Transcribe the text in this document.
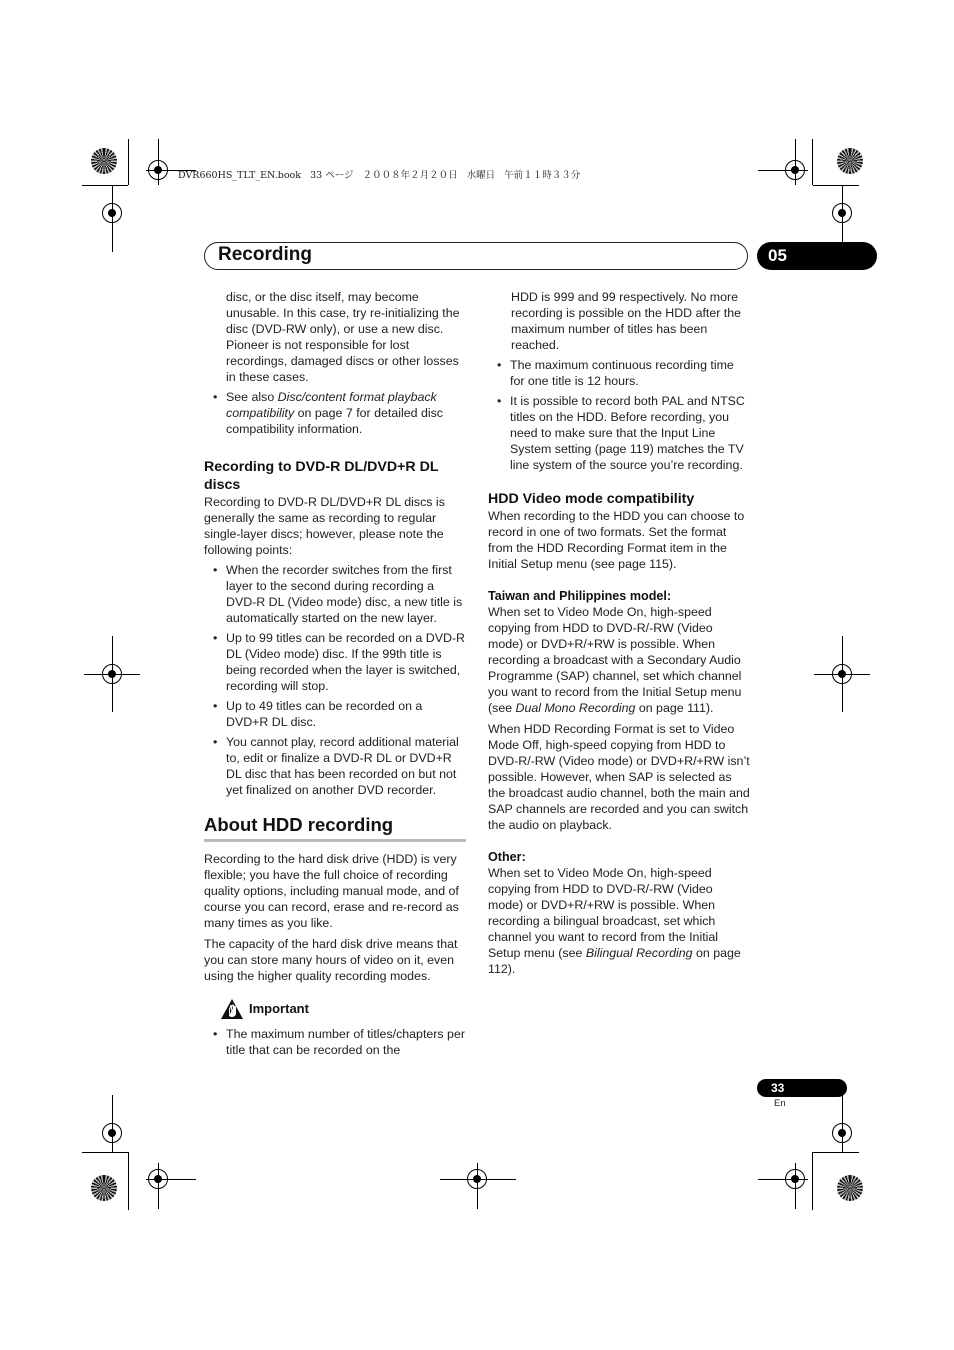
DVR660HS_TLT_EN.book   33 ページ   ２００８年２月２０日   水曜日   午前１１時３３分
Recording	05

disc, or the disc itself, may become unusable. In this case, try re-initializing the disc (DVD-RW only), or use a new disc. Pioneer is not responsible for lost recordings, damaged discs or other losses in these cases.

• See also Disc/content format playback compatibility on page 7 for detailed disc compatibility information.
Recording to DVD-R DL/DVD+R DL discs

Recording to DVD-R DL/DVD+R DL discs is generally the same as recording to regular single-layer discs; however, please note the following points:

• When the recorder switches from the first layer to the second during recording a DVD-R DL (Video mode) disc, a new title is automatically started on the new layer.
• Up to 99 titles can be recorded on a DVD-R DL (Video mode) disc. If the 99th title is being recorded when the layer is switched, recording will stop.
• Up to 49 titles can be recorded on a DVD+R DL disc.
• You cannot play, record additional material to, edit or finalize a DVD-R DL or DVD+R DL disc that has been recorded on but not yet finalized on another DVD recorder.
About HDD recording

Recording to the hard disk drive (HDD) is very flexible; you have the full choice of recording quality options, including manual mode, and of course you can record, erase and re-record as many times as you like.

The capacity of the hard disk drive means that you can store many hours of video on it, even using the higher quality recording modes.

Important
• The maximum number of titles/chapters per title that can be recorded on the

HDD is 999 and 99 respectively. No more recording is possible on the HDD after the maximum number of titles has been reached.

• The maximum continuous recording time for one title is 12 hours.
• It is possible to record both PAL and NTSC titles on the HDD. Before recording, you need to make sure that the Input Line System setting (page 119) matches the TV line system of the source you’re recording.
HDD Video mode compatibility

When recording to the HDD you can choose to record in one of two formats. Set the format from the HDD Recording Format item in the Initial Setup menu (see page 115).

Taiwan and Philippines model:

When set to Video Mode On, high-speed copying from HDD to DVD-R/-RW (Video mode) or DVD+R/+RW is possible. When recording a broadcast with a Secondary Audio Programme (SAP) channel, set which channel you want to record from the Initial Setup menu (see Dual Mono Recording on page 111).

When HDD Recording Format is set to Video Mode Off, high-speed copying from HDD to DVD-R/-RW (Video mode) or DVD+R/+RW isn’t possible. However, when SAP is selected as the broadcast audio channel, both the main and SAP channels are recorded and you can switch the audio on playback.

Other:

When set to Video Mode On, high-speed copying from HDD to DVD-R/-RW (Video mode) or DVD+R/+RW is possible. When recording a bilingual broadcast, set which channel you want to record from the Initial Setup menu (see Bilingual Recording on page 112).

33
En
